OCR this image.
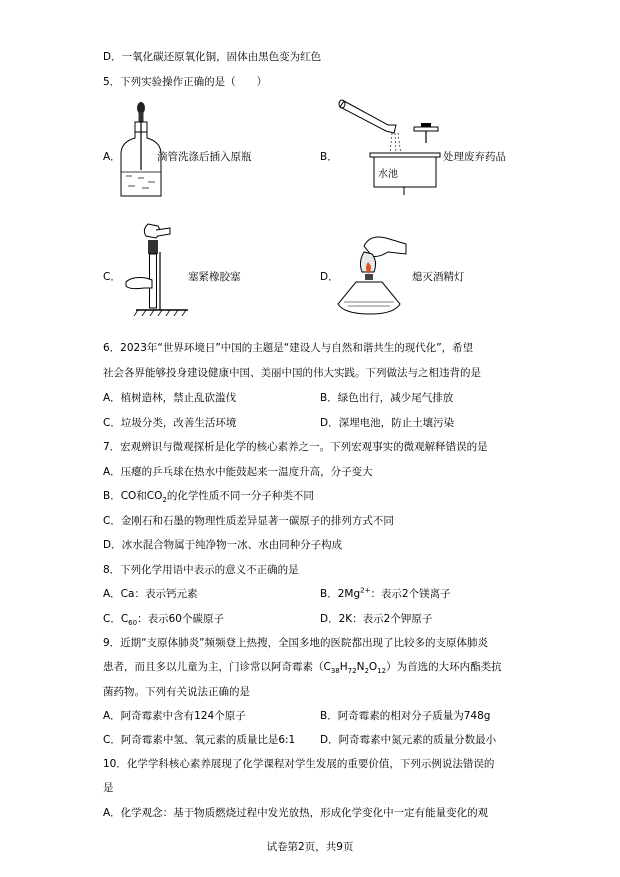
D．一氧化碳还原氧化铜，固体由黑色变为红色
5．下列实验操作正确的是（　　）
A．	滴管洗涤后插入原瓶	B．
水池
处理废弃药品
C．	塞紧橡胶塞	D．	熄灭酒精灯
6．2023年“世界环境日”中国的主题是“建设人与自然和谐共生的现代化”，希望
社会各界能够投身建设健康中国、美丽中国的伟大实践。下列做法与之相违背的是
A．植树造林，禁止乱砍滥伐	B．绿色出行，减少尾气排放
C．垃圾分类，改善生活环境	D．深埋电池，防止土壤污染
7．宏观辨识与微观探析是化学的核心素养之一。下列宏观事实的微观解释错误的是
A．压瘪的乒乓球在热水中能鼓起来一温度升高，分子变大
B．CO和$CO_2$的化学性质不同一分子种类不同
C．金刚石和石墨的物理性质差异显著一碳原子的排列方式不同
D．冰水混合物属于纯净物一冰、水由同种分子构成
8．下列化学用语中表示的意义不正确的是
A．Ca：表示钙元素	B．$2Mg^{2+}$：表示2个镁离子
C．$C_{60}$：表示60个碳原子	D．2K：表示2个钾原子
9．近期“支原体肺炎”频频登上热搜，全国多地的医院都出现了比较多的支原体肺炎
患者，而且多以儿童为主，门诊常以阿奇霉素$(C_{38}H_{72}N_2O_{12})$为首选的大环内酯类抗
菌药物。下列有关说法正确的是
A．阿奇霉素中含有124个原子	B．阿奇霉素的相对分子质量为748g
C．阿奇霉素中氢、氧元素的质量比是6:1 D．阿奇霉素中氮元素的质量分数最小
10．化学学科核心素养展现了化学课程对学生发展的重要价值，下列示例说法错误的
是
A．化学观念：基于物质燃烧过程中发光放热，形成化学变化中一定有能量变化的观
试卷第2页，共9页
